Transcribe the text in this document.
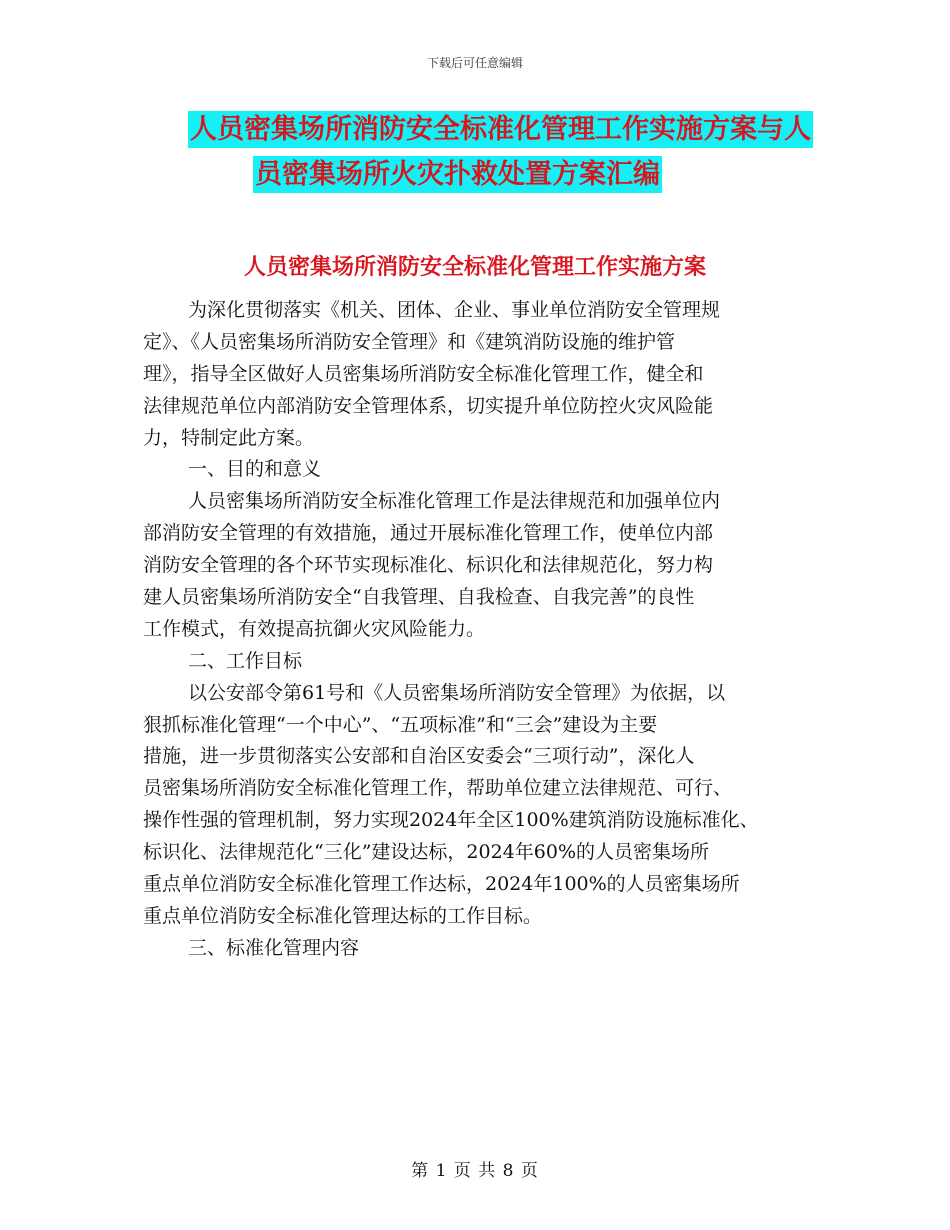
下载后可任意编辑
人员密集场所消防安全标准化管理工作实施方案与人
员密集场所火灾扑救处置方案汇编
人员密集场所消防安全标准化管理工作实施方案
为深化贯彻落实《机关、团体、企业、事业单位消防安全管理规
定》、《人员密集场所消防安全管理》和《建筑消防设施的维护管
理》，指导全区做好人员密集场所消防安全标准化管理工作，健全和
法律规范单位内部消防安全管理体系，切实提升单位防控火灾风险能
力，特制定此方案。
一、目的和意义
人员密集场所消防安全标准化管理工作是法律规范和加强单位内
部消防安全管理的有效措施，通过开展标准化管理工作，使单位内部
消防安全管理的各个环节实现标准化、标识化和法律规范化，努力构
建人员密集场所消防安全“自我管理、自我检查、自我完善”的良性
工作模式，有效提高抗御火灾风险能力。
二、工作目标
以公安部令第61号和《人员密集场所消防安全管理》为依据，以
狠抓标准化管理“一个中心”、“五项标准”和“三会”建设为主要
措施，进一步贯彻落实公安部和自治区安委会“三项行动”，深化人
员密集场所消防安全标准化管理工作，帮助单位建立法律规范、可行、
操作性强的管理机制，努力实现2024年全区100%建筑消防设施标准化、
标识化、法律规范化“三化”建设达标，2024年60%的人员密集场所
重点单位消防安全标准化管理工作达标，2024年100%的人员密集场所
重点单位消防安全标准化管理达标的工作目标。
三、标准化管理内容
第 1 页 共 8 页
